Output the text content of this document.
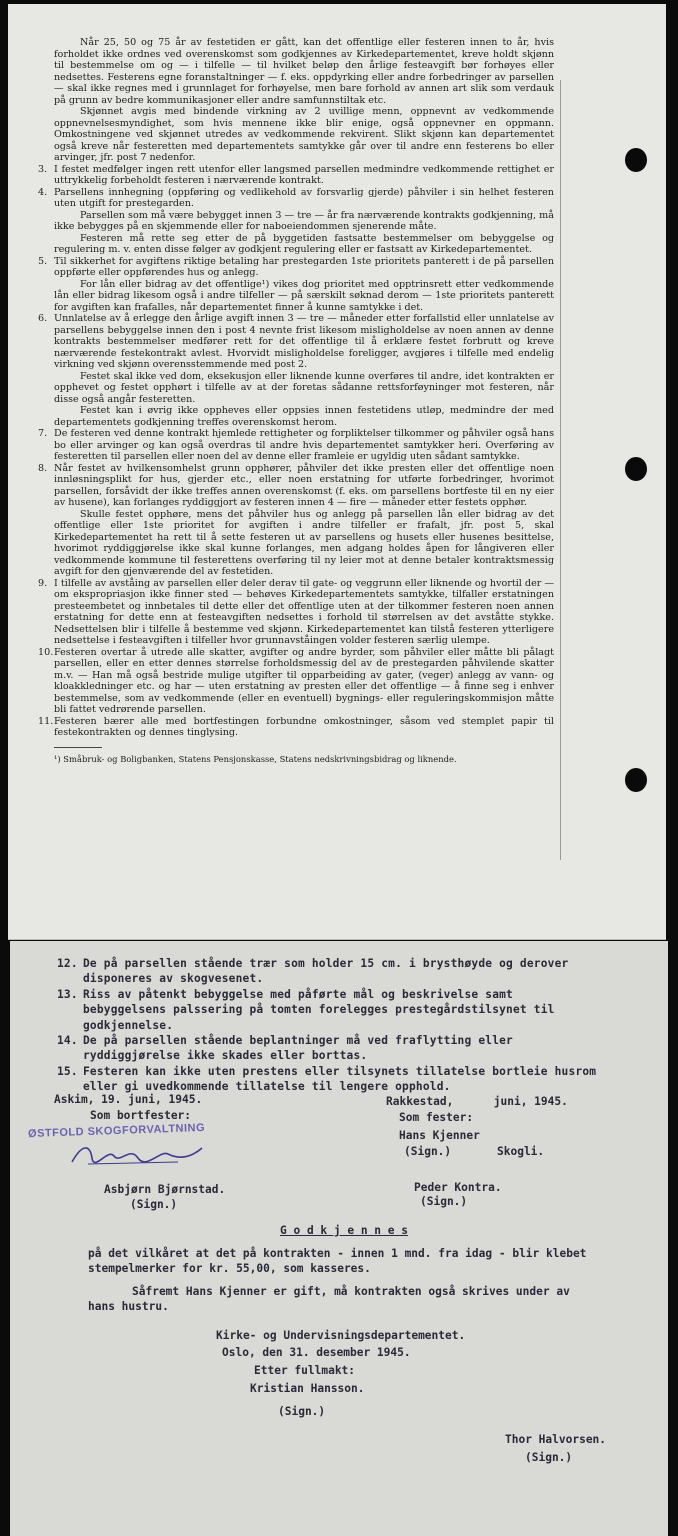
Når 25, 50 og 75 år av festetiden er gått, kan det offentlige eller festeren innen to år, hvis forholdet ikke ordnes ved overenskomst som godkjennes av Kirkedepartementet, kreve holdt skjønn til bestemmelse om og — i tilfelle — til hvilket beløp den årlige festeavgift bør forhøyes eller nedsettes. Festerens egne foranstaltninger — f. eks. oppdyrking eller andre forbedringer av parsellen — skal ikke regnes med i grunnlaget for forhøyelse, men bare forhold av annen art slik som verdauk på grunn av bedre kommunikasjoner eller andre samfunnstiltak etc.

Skjønnet avgis med bindende virkning av 2 uvillige menn, oppnevnt av vedkommende oppnevnelsesmyndighet, som hvis mennene ikke blir enige, også oppnevner en oppmann. Omkostningene ved skjønnet utredes av vedkommende rekvirent. Slikt skjønn kan departementet også kreve når festeretten med departementets samtykke går over til andre enn festerens bo eller arvinger, jfr. post 7 nedenfor.

3. I festet medfølger ingen rett utenfor eller langsmed parsellen medmindre vedkommende rettighet er uttrykkelig forbeholdt festeren i nærværende kontrakt.

4. Parsellens innhegning (oppføring og vedlikehold av forsvarlig gjerde) påhviler i sin helhet festeren uten utgift for prestegarden.

Parsellen som må være bebygget innen 3 — tre — år fra nærværende kontrakts godkjenning, må ikke bebygges på en skjemmende eller for naboeiendommen sjenerende måte.

Festeren må rette seg etter de på byggetiden fastsatte bestemmelser om bebyggelse og regulering m. v. enten disse følger av godkjent regulering eller er fastsatt av Kirkedepartementet.

5. Til sikkerhet for avgiftens riktige betaling har prestegarden 1ste prioritets panterett i de på parsellen oppførte eller oppførendes hus og anlegg.

For lån eller bidrag av det offentlige¹) vikes dog prioritet med opptrinsrett etter vedkommende lån eller bidrag likesom også i andre tilfeller — på særskilt søknad derom — 1ste prioritets panterett for avgiften kan frafalles, når departementet finner å kunne samtykke i det.

6. Unnlatelse av å erlegge den årlige avgift innen 3 — tre — måneder etter forfallstid eller unnlatelse av parsellens bebyggelse innen den i post 4 nevnte frist likesom misligholdelse av noen annen av denne kontrakts bestemmelser medfører rett for det offentlige til å erklære festet forbrutt og kreve nærværende festekontrakt avlest. Hvorvidt misligholdelse foreligger, avgjøres i tilfelle med endelig virkning ved skjønn overensstemmende med post 2.

Festet skal ikke ved dom, eksekusjon eller liknende kunne overføres til andre, idet kontrakten er opphevet og festet opphørt i tilfelle av at der foretas sådanne rettsforføyninger mot festeren, når disse også angår festeretten.

Festet kan i øvrig ikke oppheves eller oppsies innen festetidens utløp, medmindre der med departementets godkjenning treffes overenskomst herom.

7. De festeren ved denne kontrakt hjemlede rettigheter og forpliktelser tilkommer og påhviler også hans bo eller arvinger og kan også overdras til andre hvis departementet samtykker heri. Overføring av festeretten til parsellen eller noen del av denne eller framleie er ugyldig uten sådant samtykke.

8. Når festet av hvilkensomhelst grunn opphører, påhviler det ikke presten eller det offentlige noen innløsningsplikt for hus, gjerder etc., eller noen erstatning for utførte forbedringer, hvorimot parsellen, forsåvidt der ikke treffes annen overenskomst (f. eks. om parsellens bortfeste til en ny eier av husene), kan forlanges ryddiggjort av festeren innen 4 — fire — måneder etter festets opphør.

Skulle festet opphøre, mens det påhviler hus og anlegg på parsellen lån eller bidrag av det offentlige eller 1ste prioritet for avgiften i andre tilfeller er frafalt, jfr. post 5, skal Kirkedepartementet ha rett til å sette festeren ut av parsellens og husets eller husenes besittelse, hvorimot ryddiggjørelse ikke skal kunne forlanges, men adgang holdes åpen for långiveren eller vedkommende kommune til festerettens overføring til ny leier mot at denne betaler kontraktsmessig avgift for den gjenværende del av festetiden.

9. I tilfelle av avståing av parsellen eller deler derav til gate- og veggrunn eller liknende og hvortil der — om ekspropriasjon ikke finner sted — behøves Kirkedepartementets samtykke, tilfaller erstatningen presteembetet og innbetales til dette eller det offentlige uten at der tilkommer festeren noen annen erstatning for dette enn at festeavgiften nedsettes i forhold til størrelsen av det avståtte stykke. Nedsettelsen blir i tilfelle å bestemme ved skjønn. Kirkedepartementet kan tilstå festeren ytterligere nedsettelse i festeavgiften i tilfeller hvor grunnavståingen volder festeren særlig ulempe.

10. Festeren overtar å utrede alle skatter, avgifter og andre byrder, som påhviler eller måtte bli pålagt parsellen, eller en etter dennes størrelse forholdsmessig del av de prestegarden påhvilende skatter m.v. — Han må også bestride mulige utgifter til opparbeiding av gater, (veger) anlegg av vann- og kloakkledninger etc. og har — uten erstatning av presten eller det offentlige — å finne seg i enhver bestemmelse, som av vedkommende (eller en eventuell) bygnings- eller reguleringskommisjon måtte bli fattet vedrørende parsellen.

11. Festeren bærer alle med bortfestingen forbundne omkostninger, såsom ved stemplet papir til festekontrakten og dennes tinglysing.

¹) Småbruk- og Boligbanken, Statens Pensjonskasse, Statens nedskrivningsbidrag og liknende.

12. De på parsellen stående trær som holder 15 cm. i brysthøyde og derover disponeres av skogvesenet.
13. Riss av påtenkt bebyggelse med påførte mål og beskrivelse samt bebyggelsens palssering på tomten forelegges prestegårdstilsynet til godkjennelse.
14. De på parsellen stående beplantninger må ved fraflytting eller ryddiggjørelse ikke skades eller borttas.
15. Festeren kan ikke uten prestens eller tilsynets tillatelse bortleie husrom eller gi uvedkommende tillatelse til lengere opphold.
Askim, 19. juni, 1945.
Som bortfester:
ØSTFOLD SKOGFORVALTNING
Asbjørn Bjørnstad.
(Sign.)
Rakkestad,      juni, 1945.
Som fester:
Hans Kjenner
(Sign.)	Skogli.
Peder Kontra.
(Sign.)
G o d k j e n n e s
på det vilkåret at det på kontrakten - innen 1 mnd. fra idag - blir klebet stempelmerker for kr. 55,00, som kasseres.
Såfremt Hans Kjenner er gift, må kontrakten også skrives under av hans hustru.
Kirke- og Undervisningsdepartementet.
Oslo, den 31. desember 1945.
Etter fullmakt:
Kristian Hansson.
(Sign.)
Thor Halvorsen.
(Sign.)
